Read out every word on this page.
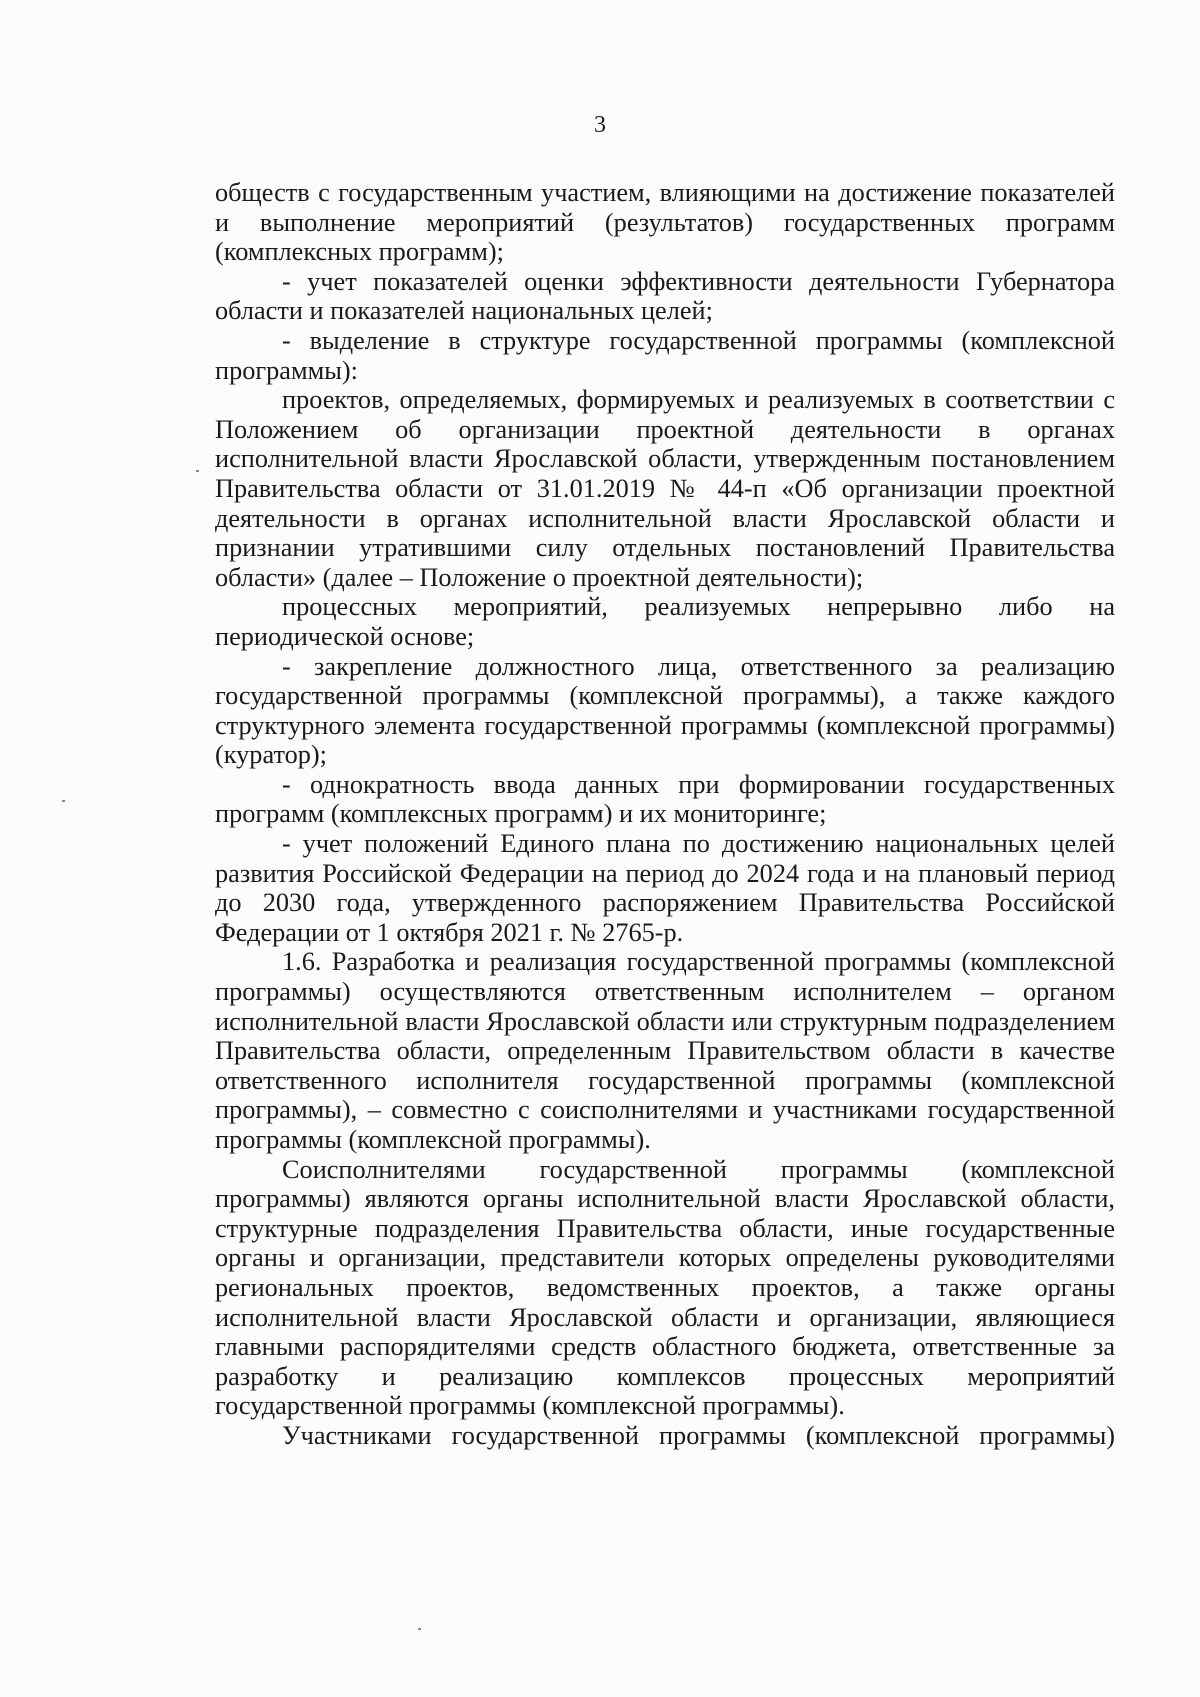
3

обществ с государственным участием, влияющими на достижение показателей и выполнение мероприятий (результатов) государственных программ (комплексных программ);

- учет показателей оценки эффективности деятельности Губернатора области и показателей национальных целей;

- выделение в структуре государственной программы (комплексной программы):

проектов, определяемых, формируемых и реализуемых в соответствии с Положением об организации проектной деятельности в органах исполнительной власти Ярославской области, утвержденным постановлением Правительства области от 31.01.2019 № 44-п «Об организации проектной деятельности в органах исполнительной власти Ярославской области и признании утратившими силу отдельных постановлений Правительства области» (далее – Положение о проектной деятельности);

процессных мероприятий, реализуемых непрерывно либо на периодической основе;

- закрепление должностного лица, ответственного за реализацию государственной программы (комплексной программы), а также каждого структурного элемента государственной программы (комплексной программы) (куратор);

- однократность ввода данных при формировании государственных программ (комплексных программ) и их мониторинге;

- учет положений Единого плана по достижению национальных целей развития Российской Федерации на период до 2024 года и на плановый период до 2030 года, утвержденного распоряжением Правительства Российской Федерации от 1 октября 2021 г. № 2765-р.

1.6. Разработка и реализация государственной программы (комплексной программы) осуществляются ответственным исполнителем – органом исполнительной власти Ярославской области или структурным подразделением Правительства области, определенным Правительством области в качестве ответственного исполнителя государственной программы (комплексной программы), – совместно с соисполнителями и участниками государственной программы (комплексной программы).

Соисполнителями государственной программы (комплексной программы) являются органы исполнительной власти Ярославской области, структурные подразделения Правительства области, иные государственные органы и организации, представители которых определены руководителями региональных проектов, ведомственных проектов, а также органы исполнительной власти Ярославской области и организации, являющиеся главными распорядителями средств областного бюджета, ответственные за разработку и реализацию комплексов процессных мероприятий государственной программы (комплексной программы).

Участниками государственной программы (комплексной программы)
